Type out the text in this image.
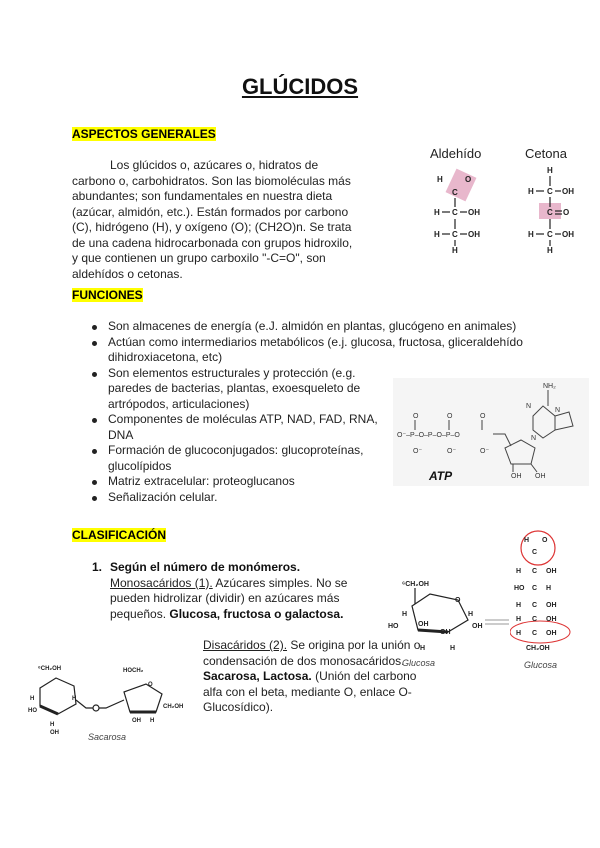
GLÚCIDOS
ASPECTOS GENERALES
Los glúcidos o, azúcares o, hidratos de carbono o, carbohidratos. Son las biomoléculas más abundantes; son fundamentales en nuestra dieta (azúcar, almidón, etc.). Están formados por carbono (C), hidrógeno (H), y oxígeno (O); (CH2O)n. Se trata de una cadena hidrocarbonada con grupos hidroxilo, y que contienen un grupo carboxilo "-C=O", son aldehídos o cetonas.
Aldehído	Cetona
H
C
O
H C OH
H C OH
H
H
H C OH
C O
H C OH
H
FUNCIONES
Son almacenes de energía (e.J. almidón en plantas, glucógeno en animales)
Actúan como intermediarios metabólicos (e.j. glucosa, fructosa, gliceraldehído dihidroxiacetona, etc)
Son elementos estructurales y protección (e.g. paredes de bacterias, plantas, exoesqueleto de artrópodos, articulaciones)
Componentes de moléculas ATP, NAD, FAD, RNA, DNA
Formación de glucoconjugados: glucoproteínas, glucolípidos
Matriz extracelular: proteoglucanos
Señalización celular.
O⁻–P–O–P–O–P–O
O	O	O
O⁻	O⁻	O⁻
NH₂
N
N
N
OH OH
ATP
CLASIFICACIÓN
1. Según el número de monómeros.
Monosacáridos (1). Azúcares simples. No se pueden hidrolizar (dividir) en azúcares más pequeños. Glucosa, fructosa o galactosa.
Disacáridos (2). Se origina por la unión o condensación de dos monosacáridos. Sacarosa, Lactosa. (Unión del carbono alfa con el beta, mediante O, enlace O-Glucosídico).
⁶CH₂OH
O
HO
H	H
OH
H
OH
OH
H
Glucosa
H O
C
H C OH
HO C H
H C OH
H C OH
H C OH
CH₂OH
Glucosa
⁶CH₂OH	HOCH₂
O
H
HO
H
CH₂OH
H
OH
OH H
Sacarosa
